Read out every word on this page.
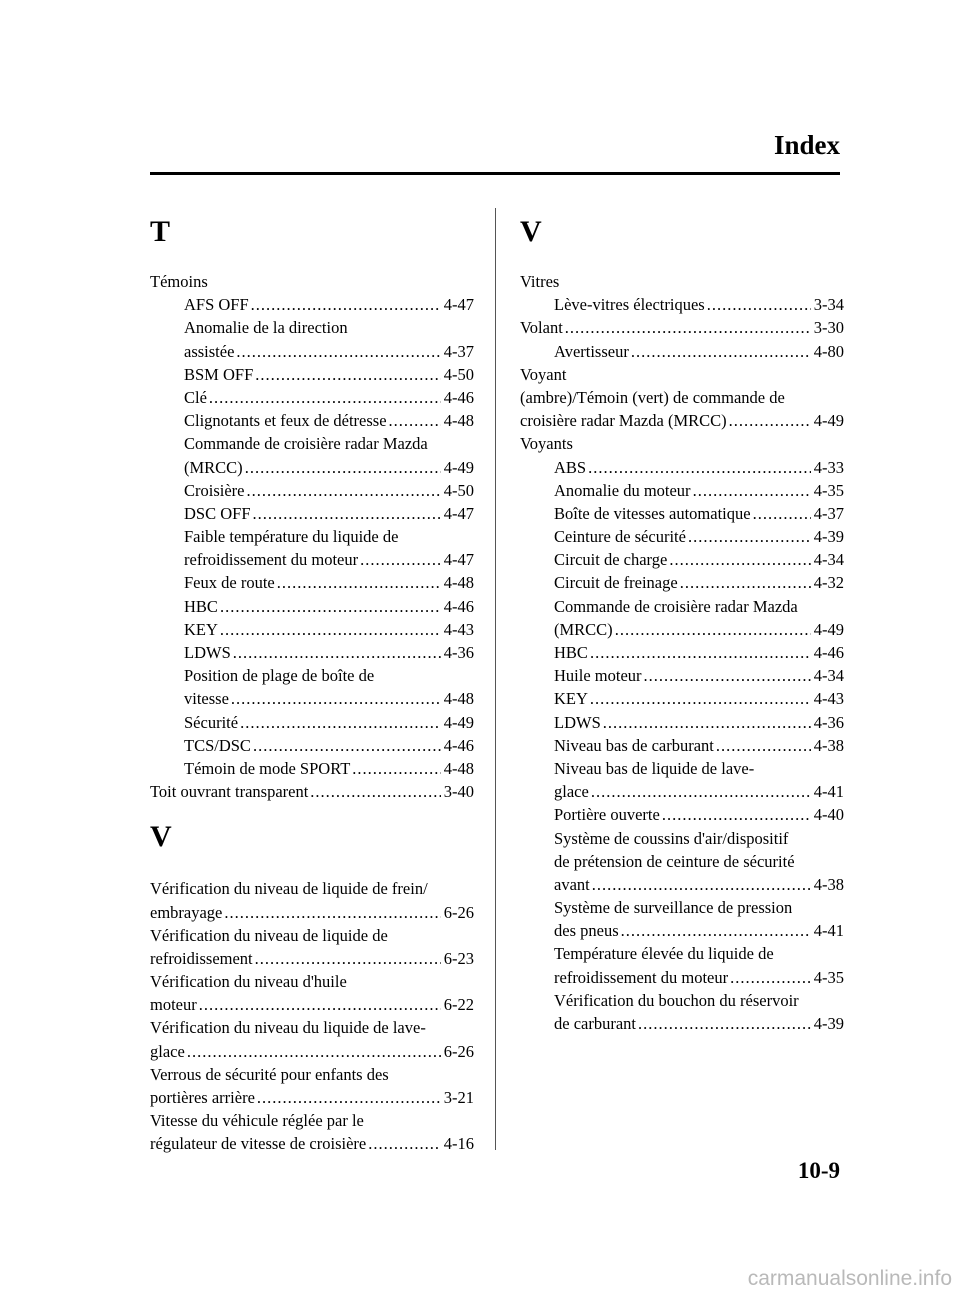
Index
T
Témoins
AFS OFF .....	4-47
Anomalie de la direction
assistée .....	4-37
BSM OFF .....	4-50
Clé .....	4-46
Clignotants et feux de détresse .....	4-48
Commande de croisière radar Mazda
(MRCC) .....	4-49
Croisière .....	4-50
DSC OFF .....	4-47
Faible température du liquide de
refroidissement du moteur .....	4-47
Feux de route .....	4-48
HBC .....	4-46
KEY .....	4-43
LDWS .....	4-36
Position de plage de boîte de
vitesse .....	4-48
Sécurité .....	4-49
TCS/DSC .....	4-46
Témoin de mode SPORT .....	4-48
Toit ouvrant transparent .....	3-40
V
Vérification du niveau de liquide de frein/
embrayage .....	6-26
Vérification du niveau de liquide de
refroidissement .....	6-23
Vérification du niveau d'huile
moteur .....	6-22
Vérification du niveau du liquide de lave-
glace .....	6-26
Verrous de sécurité pour enfants des
portières arrière .....	3-21
Vitesse du véhicule réglée par le
régulateur de vitesse de croisière .....	4-16
V
Vitres
Lève-vitres électriques .....	3-34
Volant .....	3-30
Avertisseur .....	4-80
Voyant
(ambre)/Témoin (vert) de commande de
croisière radar Mazda (MRCC) .....	4-49
Voyants
ABS .....	4-33
Anomalie du moteur .....	4-35
Boîte de vitesses automatique .....	4-37
Ceinture de sécurité .....	4-39
Circuit de charge .....	4-34
Circuit de freinage .....	4-32
Commande de croisière radar Mazda
(MRCC) .....	4-49
HBC .....	4-46
Huile moteur .....	4-34
KEY .....	4-43
LDWS .....	4-36
Niveau bas de carburant .....	4-38
Niveau bas de liquide de lave-
glace .....	4-41
Portière ouverte .....	4-40
Système de coussins d'air/dispositif
de prétension de ceinture de sécurité
avant .....	4-38
Système de surveillance de pression
des pneus .....	4-41
Température élevée du liquide de
refroidissement du moteur .....	4-35
Vérification du bouchon du réservoir
de carburant .....	4-39
10-9
carmanualsonline.info
